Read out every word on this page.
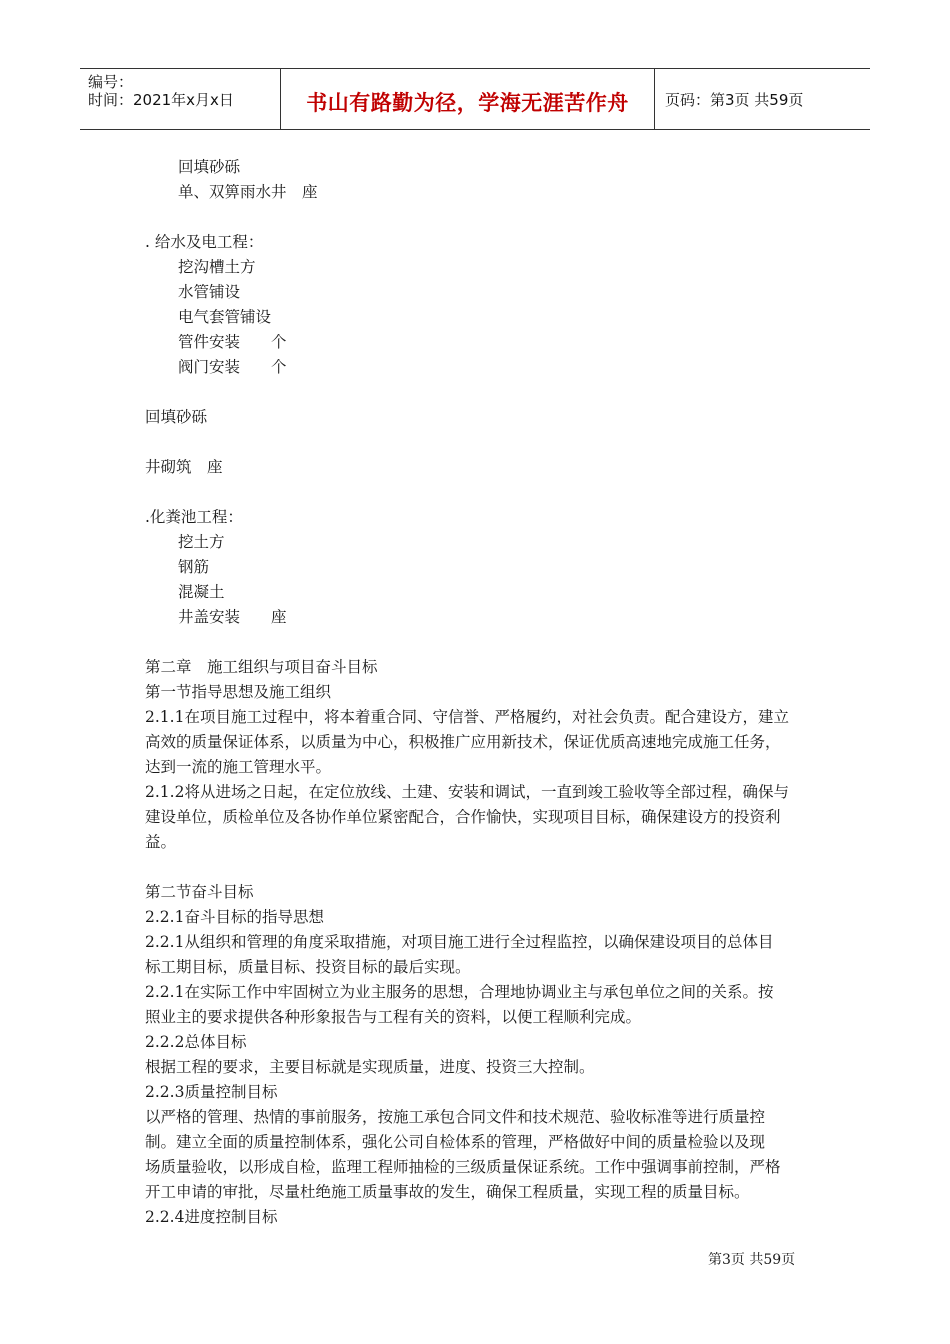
编号：
时间：2021年x月x日	书山有路勤为径，学海无涯苦作舟	页码：第3页 共59页
回填砂砾
单、双箅雨水井　座
. 给水及电工程：
挖沟槽土方
水管铺设
电气套管铺设
管件安装　　个
阀门安装　　个
回填砂砾
井砌筑　座
.化粪池工程：
挖土方
钢筋
混凝土
井盖安装　　座
第二章　施工组织与项目奋斗目标
第一节指导思想及施工组织
2.1.1在项目施工过程中，将本着重合同、守信誉、严格履约，对社会负责。配合建设方，建立
高效的质量保证体系，以质量为中心，积极推广应用新技术，保证优质高速地完成施工任务，
达到一流的施工管理水平。
2.1.2将从进场之日起，在定位放线、土建、安装和调试，一直到竣工验收等全部过程，确保与
建设单位，质检单位及各协作单位紧密配合，合作愉快，实现项目目标，确保建设方的投资利
益。
第二节奋斗目标
2.2.1奋斗目标的指导思想
2.2.1从组织和管理的角度采取措施，对项目施工进行全过程监控，以确保建设项目的总体目
标工期目标，质量目标、投资目标的最后实现。
2.2.1在实际工作中牢固树立为业主服务的思想，合理地协调业主与承包单位之间的关系。按
照业主的要求提供各种形象报告与工程有关的资料，以便工程顺利完成。
2.2.2总体目标
根据工程的要求，主要目标就是实现质量，进度、投资三大控制。
2.2.3质量控制目标
以严格的管理、热情的事前服务，按施工承包合同文件和技术规范、验收标准等进行质量控
制。建立全面的质量控制体系，强化公司自检体系的管理，严格做好中间的质量检验以及现
场质量验收，以形成自检，监理工程师抽检的三级质量保证系统。工作中强调事前控制，严格
开工申请的审批，尽量杜绝施工质量事故的发生，确保工程质量，实现工程的质量目标。
2.2.4进度控制目标
第3页 共59页
